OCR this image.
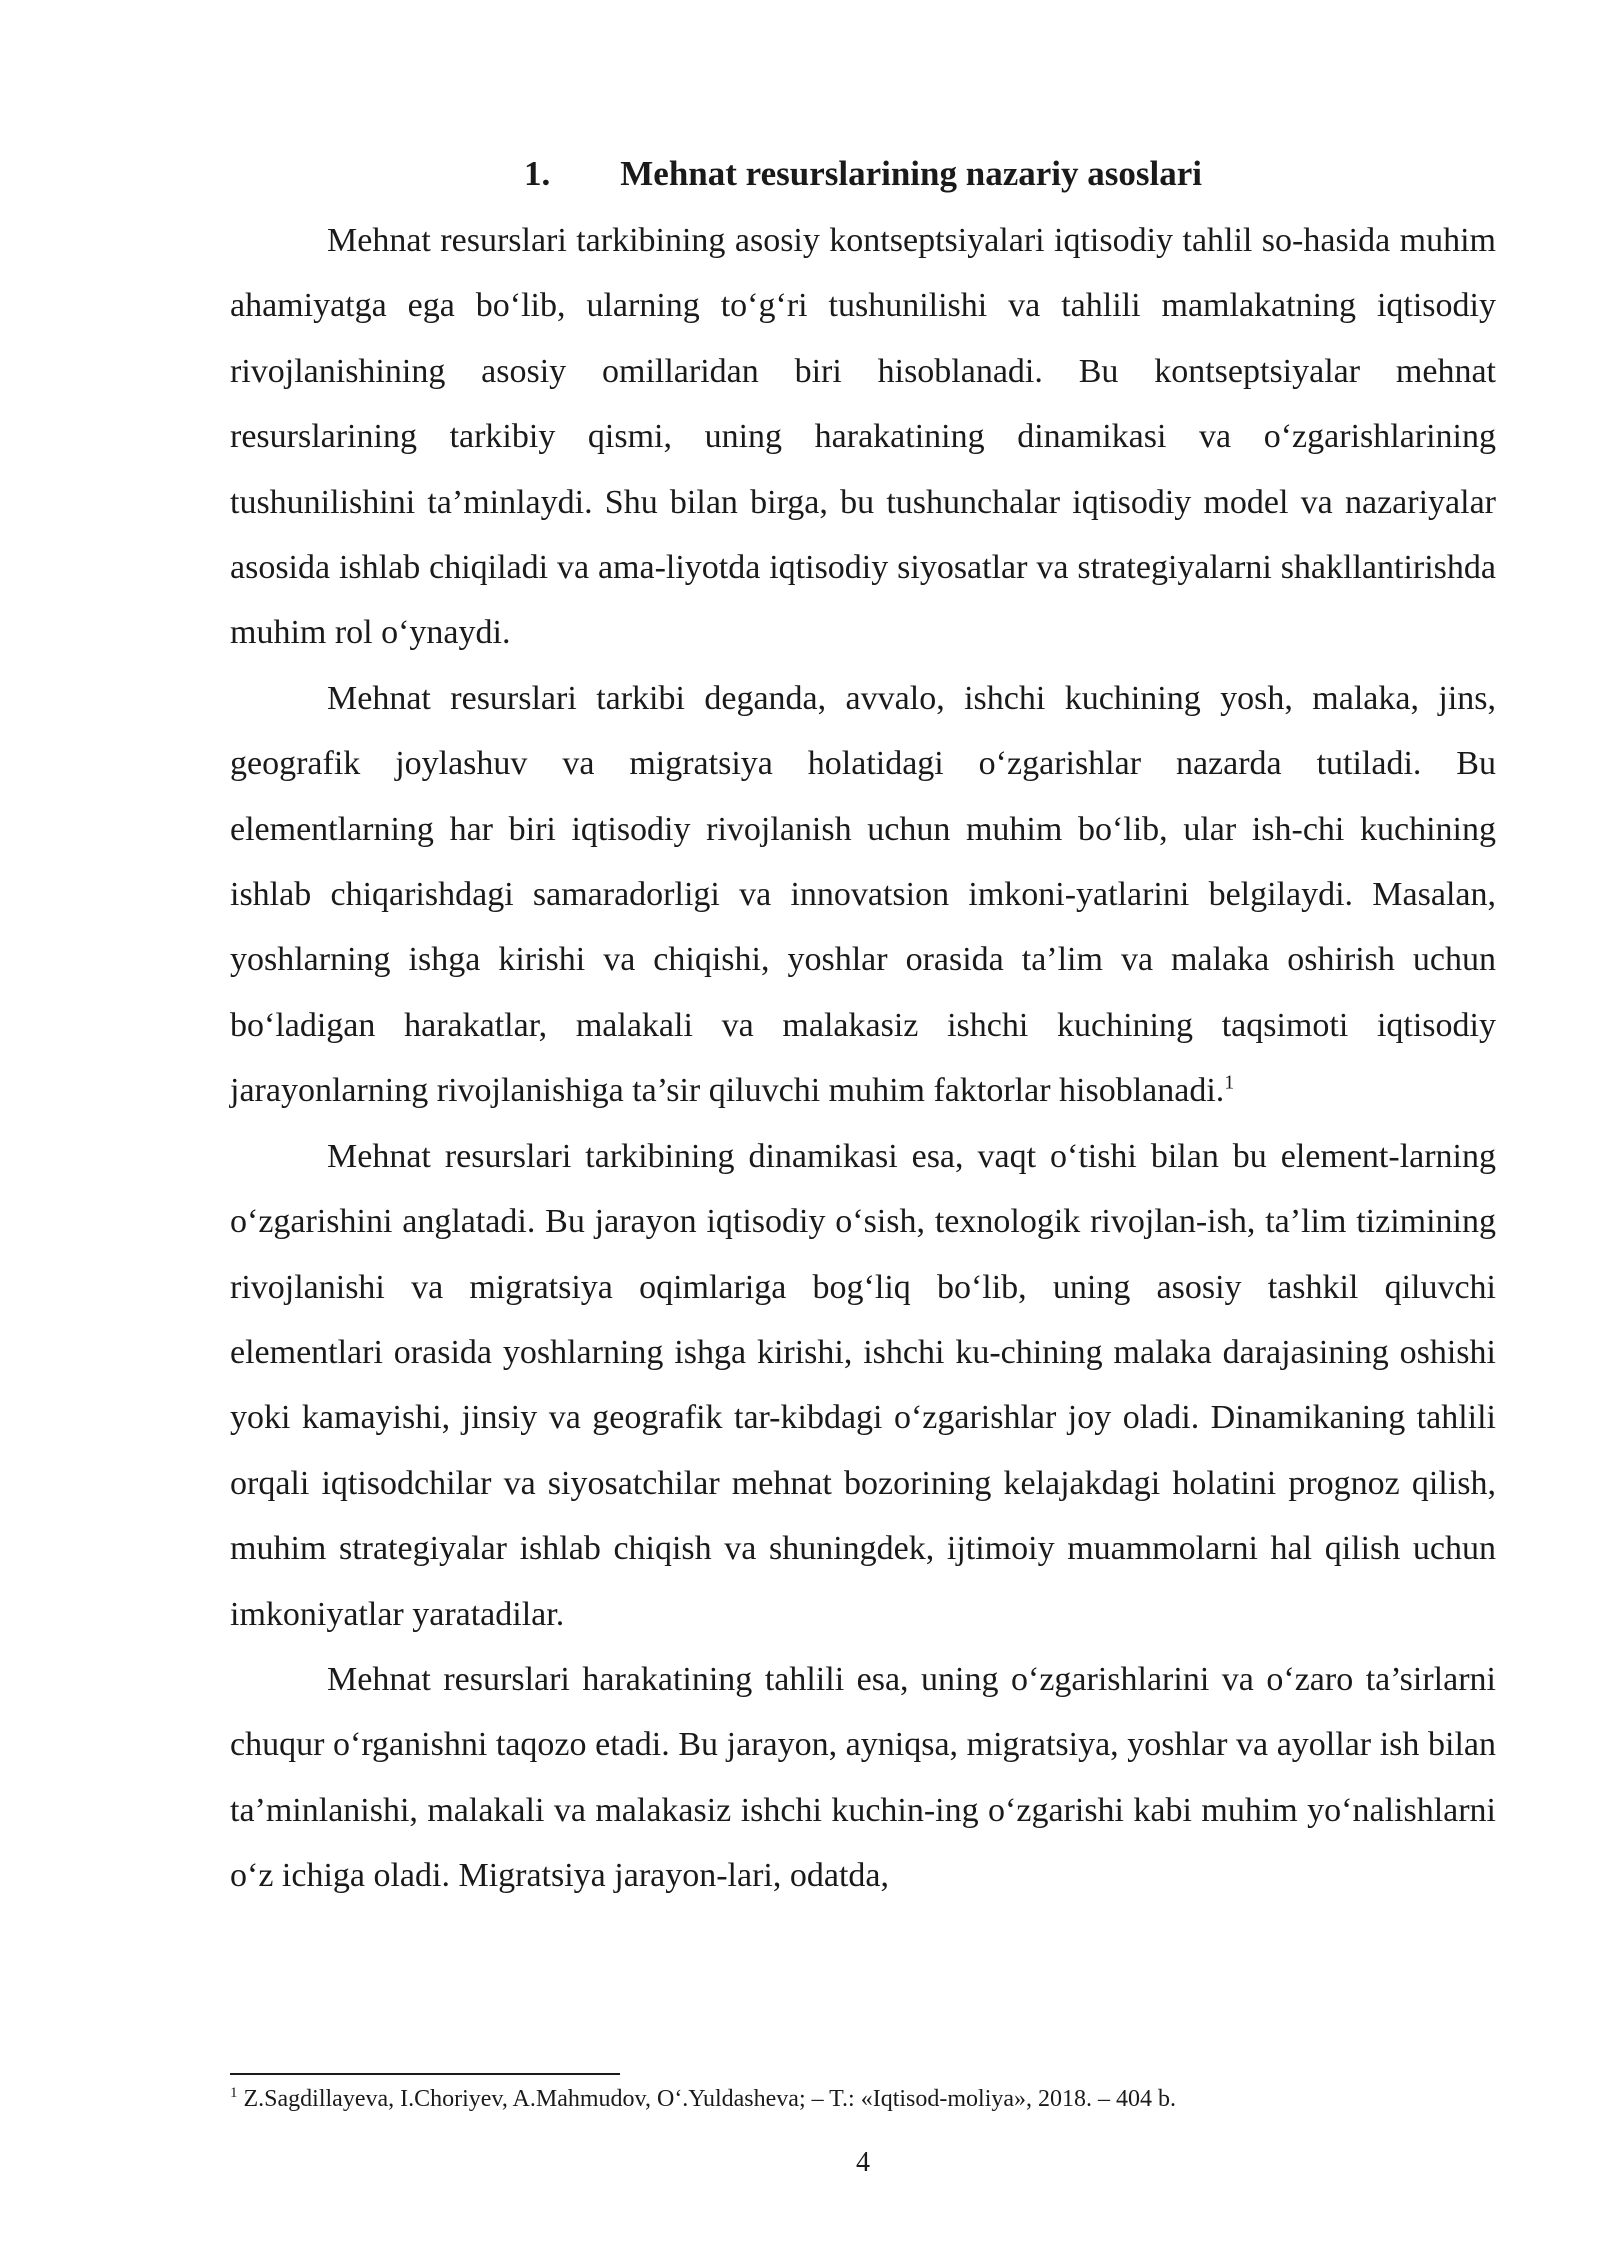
1. Mehnat resurslarining nazariy asoslari

Mehnat resurslari tarkibining asosiy kontseptsiyalari iqtisodiy tahlil so-hasida muhim ahamiyatga ega bo‘lib, ularning to‘g‘ri tushunilishi va tahlili mamlakatning iqtisodiy rivojlanishining asosiy omillaridan biri hisoblanadi. Bu kontseptsiyalar mehnat resurslarining tarkibiy qismi, uning harakatining dinamikasi va o‘zgarishlarining tushunilishini ta’minlaydi. Shu bilan birga, bu tushunchalar iqtisodiy model va nazariyalar asosida ishlab chiqiladi va ama-liyotda iqtisodiy siyosatlar va strategiyalarni shakllantirishda muhim rol o‘ynaydi.

Mehnat resurslari tarkibi deganda, avvalo, ishchi kuchining yosh, malaka, jins, geografik joylashuv va migratsiya holatidagi o‘zgarishlar nazarda tutiladi. Bu elementlarning har biri iqtisodiy rivojlanish uchun muhim bo‘lib, ular ish-chi kuchining ishlab chiqarishdagi samaradorligi va innovatsion imkoni-yatlarini belgilaydi. Masalan, yoshlarning ishga kirishi va chiqishi, yoshlar orasida ta’lim va malaka oshirish uchun bo‘ladigan harakatlar, malakali va malakasiz ishchi kuchining taqsimoti iqtisodiy jarayonlarning rivojlanishiga ta’sir qiluvchi muhim faktorlar hisoblanadi.$^1$

Mehnat resurslari tarkibining dinamikasi esa, vaqt o‘tishi bilan bu element-larning o‘zgarishini anglatadi. Bu jarayon iqtisodiy o‘sish, texnologik rivojlan-ish, ta’lim tizimining rivojlanishi va migratsiya oqimlariga bog‘liq bo‘lib, uning asosiy tashkil qiluvchi elementlari orasida yoshlarning ishga kirishi, ishchi ku-chining malaka darajasining oshishi yoki kamayishi, jinsiy va geografik tar-kibdagi o‘zgarishlar joy oladi. Dinamikaning tahlili orqali iqtisodchilar va siyosatchilar mehnat bozorining kelajakdagi holatini prognoz qilish, muhim strategiyalar ishlab chiqish va shuningdek, ijtimoiy muammolarni hal qilish uchun imkoniyatlar yaratadilar.

Mehnat resurslari harakatining tahlili esa, uning o‘zgarishlarini va o‘zaro ta’sirlarni chuqur o‘rganishni taqozo etadi. Bu jarayon, ayniqsa, migratsiya, yoshlar va ayollar ish bilan ta’minlanishi, malakali va malakasiz ishchi kuchin-ing o‘zgarishi kabi muhim yo‘nalishlarni o‘z ichiga oladi. Migratsiya jarayon-lari, odatda,

$^1$ Z.Sagdillayeva, I.Choriyev, A.Mahmudov, O‘.Yuldasheva; – T.: «Iqtisod-moliya», 2018. – 404 b.

4
